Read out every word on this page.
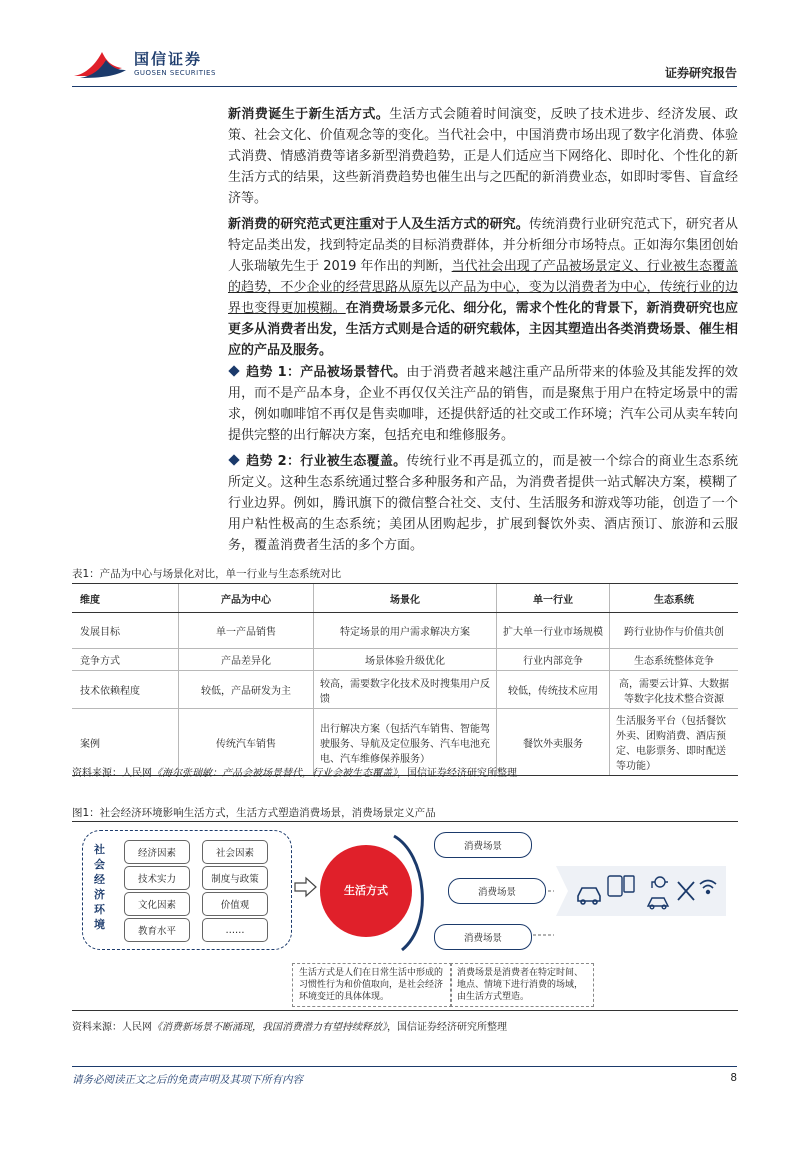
国信证券
GUOSEN SECURITIES	证券研究报告
新消费诞生于新生活方式。生活方式会随着时间演变，反映了技术进步、经济发展、政策、社会文化、价值观念等的变化。当代社会中，中国消费市场出现了数字化消费、体验式消费、情感消费等诸多新型消费趋势，正是人们适应当下网络化、即时化、个性化的新生活方式的结果，这些新消费趋势也催生出与之匹配的新消费业态，如即时零售、盲盒经济等。
新消费的研究范式更注重对于人及生活方式的研究。传统消费行业研究范式下，研究者从特定品类出发，找到特定品类的目标消费群体，并分析细分市场特点。正如海尔集团创始人张瑞敏先生于 2019 年作出的判断，当代社会出现了产品被场景定义、行业被生态覆盖的趋势，不少企业的经营思路从原先以产品为中心，变为以消费者为中心，传统行业的边界也变得更加模糊。在消费场景多元化、细分化，需求个性化的背景下，新消费研究也应更多从消费者出发，生活方式则是合适的研究载体，主因其塑造出各类消费场景、催生相应的产品及服务。
趋势 1：产品被场景替代。由于消费者越来越注重产品所带来的体验及其能发挥的效用，而不是产品本身，企业不再仅仅关注产品的销售，而是聚焦于用户在特定场景中的需求，例如咖啡馆不再仅是售卖咖啡，还提供舒适的社交或工作环境；汽车公司从卖车转向提供完整的出行解决方案，包括充电和维修服务。
趋势 2：行业被生态覆盖。传统行业不再是孤立的，而是被一个综合的商业生态系统所定义。这种生态系统通过整合多种服务和产品，为消费者提供一站式解决方案，模糊了行业边界。例如，腾讯旗下的微信整合社交、支付、生活服务和游戏等功能，创造了一个用户粘性极高的生态系统；美团从团购起步，扩展到餐饮外卖、酒店预订、旅游和云服务，覆盖消费者生活的多个方面。
表1：产品为中心与场景化对比，单一行业与生态系统对比
维度	产品为中心	场景化	单一行业	生态系统
发展目标	单一产品销售	特定场景的用户需求解决方案	扩大单一行业市场规模	跨行业协作与价值共创
竞争方式	产品差异化	场景体验升级优化	行业内部竞争	生态系统整体竞争
技术依赖程度	较低，产品研发为主	较高，需要数字化技术及时搜集用户反馈	较低，传统技术应用	高，需要云计算、大数据等数字化技术整合资源
案例	传统汽车销售	出行解决方案（包括汽车销售、智能驾驶服务、导航及定位服务、汽车电池充电、汽车维修保养服务）	餐饮外卖服务	生活服务平台（包括餐饮外卖、团购消费、酒店预定、电影票务、即时配送等功能）
资料来源：人民网《海尔张瑞敏：产品会被场景替代，行业会被生态覆盖》，国信证券经济研究所整理
图1：社会经济环境影响生活方式，生活方式塑造消费场景，消费场景定义产品
社会经济环境
经济因素	社会因素
技术实力	制度与政策
文化因素	价值观
教育水平	……
生活方式
消费场景
消费场景
消费场景
生活方式是人们在日常生活中形成的习惯性行为和价值取向，是社会经济环境变迁的具体体现。
消费场景是消费者在特定时间、地点、情境下进行消费的场域，由生活方式塑造。
资料来源：人民网《消费新场景不断涌现，我国消费潜力有望持续释放》，国信证券经济研究所整理
请务必阅读正文之后的免责声明及其项下所有内容	8
